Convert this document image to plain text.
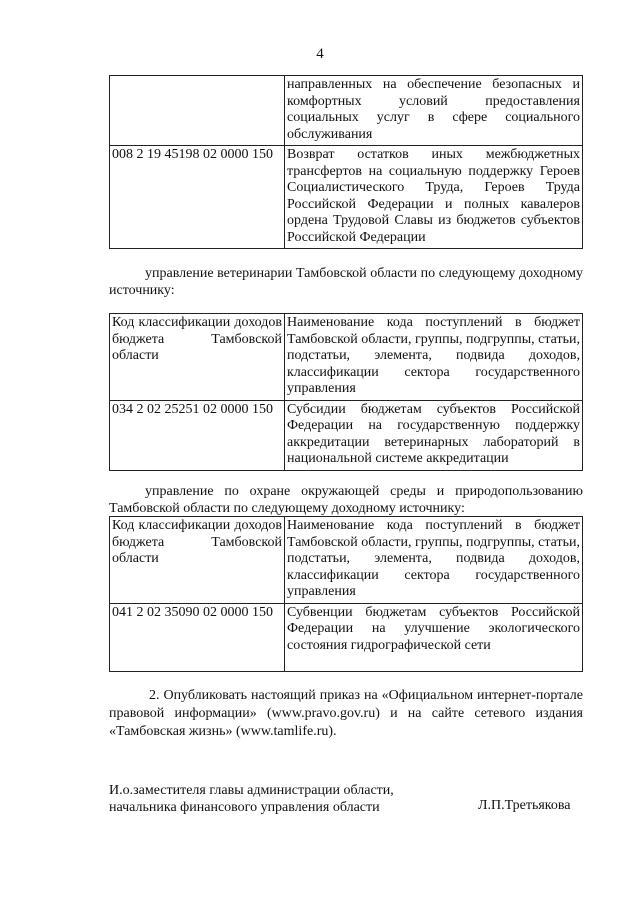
4
	направленных на обеспечение безопасных и комфортных условий предоставления социальных услуг в сфере социального обслуживания
008 2 19 45198 02 0000 150	Возврат остатков иных межбюджетных трансфертов на социальную поддержку Героев Социалистического Труда, Героев Труда Российской Федерации и полных кавалеров ордена Трудовой Славы из бюджетов субъектов Российской Федерации
управление ветеринарии Тамбовской области по следующему доходному источнику:
Код классификации доходов бюджета Тамбовской области	Наименование кода поступлений в бюджет Тамбовской области, группы, подгруппы, статьи, подстатьи, элемента, подвида доходов, классификации сектора государственного управления
034 2 02 25251 02 0000 150	Субсидии бюджетам субъектов Российской Федерации на государственную поддержку аккредитации ветеринарных лабораторий в национальной системе аккредитации
управление по охране окружающей среды и природопользованию Тамбовской области по следующему доходному источнику:
Код классификации доходов бюджета Тамбовской области	Наименование кода поступлений в бюджет Тамбовской области, группы, подгруппы, статьи, подстатьи, элемента, подвида доходов, классификации сектора государственного управления
041 2 02 35090 02 0000 150	Субвенции бюджетам субъектов Российской Федерации на улучшение экологического состояния гидрографической сети
2. Опубликовать настоящий приказ на «Официальном интернет-портале правовой информации» (www.pravo.gov.ru) и на сайте сетевого издания «Тамбовская жизнь» (www.tamlife.ru).
И.о.заместителя главы администрации области,
начальника финансового управления области	Л.П.Третьякова
